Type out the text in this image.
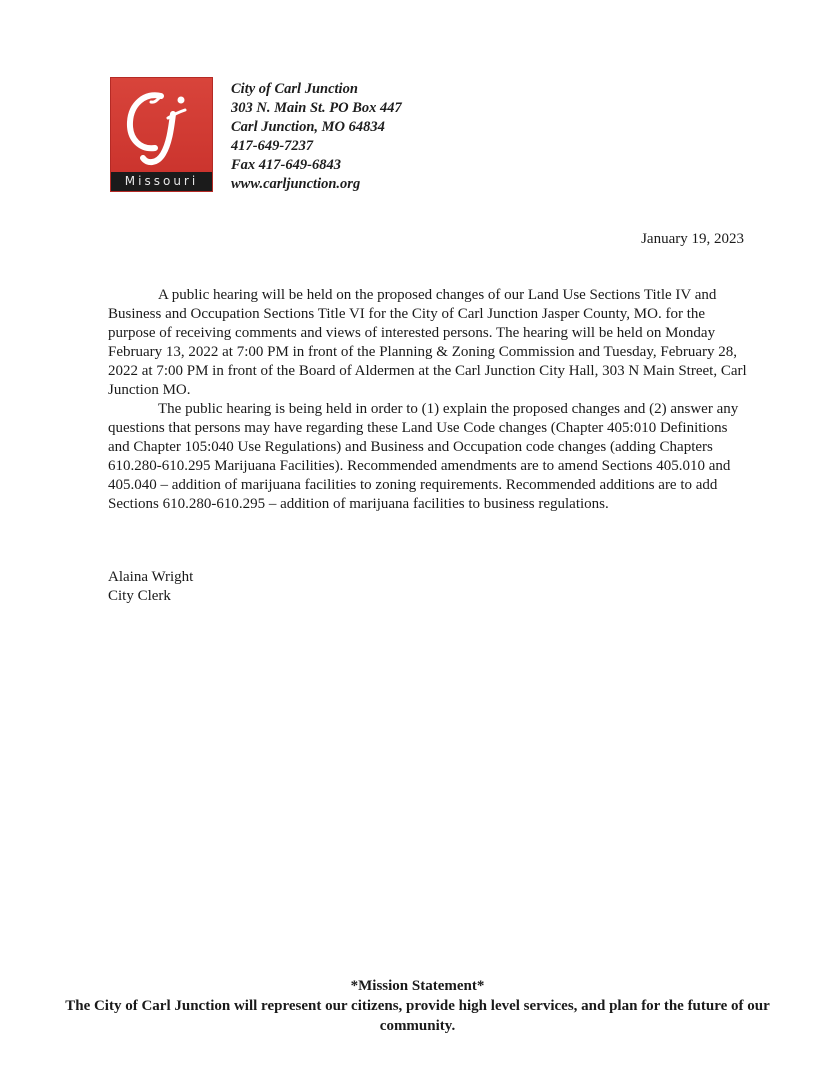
Missouri
City of Carl Junction
303 N. Main St. PO Box 447
Carl Junction, MO 64834
417-649-7237
Fax 417-649-6843
www.carljunction.org
January 19, 2023

A public hearing will be held on the proposed changes of our Land Use Sections Title IV and Business and Occupation Sections Title VI for the City of Carl Junction Jasper County, MO. for the purpose of receiving comments and views of interested persons. The hearing will be held on Monday February 13, 2022 at 7:00 PM in front of the Planning & Zoning Commission and Tuesday, February 28, 2022 at 7:00 PM in front of the Board of Aldermen at the Carl Junction City Hall, 303 N Main Street, Carl Junction MO.

The public hearing is being held in order to (1) explain the proposed changes and (2) answer any questions that persons may have regarding these Land Use Code changes (Chapter 405:010 Definitions and Chapter 105:040 Use Regulations) and Business and Occupation code changes (adding Chapters 610.280-610.295 Marijuana Facilities). Recommended amendments are to amend Sections 405.010 and 405.040 – addition of marijuana facilities to zoning requirements. Recommended additions are to add Sections 610.280-610.295 – addition of marijuana facilities to business regulations.

Alaina Wright
City Clerk
*Mission Statement*
The City of Carl Junction will represent our citizens, provide high level services, and plan for the future of our community.
